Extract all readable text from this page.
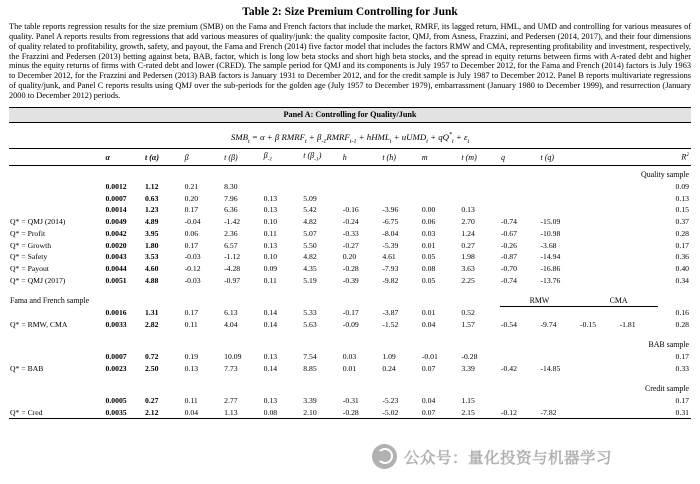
Table 2: Size Premium Controlling for Junk
The table reports regression results for the size premium (SMB) on the Fama and French factors that include the market, RMRF, its lagged return, HML, and UMD and controlling for various measures of quality. Panel A reports results from regressions that add various measures of quality/junk: the quality composite factor, QMJ, from Asness, Frazzini, and Pedersen (2014, 2017), and their four dimensions of quality related to profitability, growth, safety, and payout, the Fama and French (2014) five factor model that includes the factors RMW and CMA, representing profitability and investment, respectively, the Frazzini and Pedersen (2013) betting against beta, BAB, factor, which is long low beta stocks and short high beta stocks, and the spread in equity returns between firms with A-rated debt and higher minus the equity returns of firms with C-rated debt and lower (CRED). The sample period for QMJ and its components is July 1957 to December 2012, for the Fama and French (2014) factors is July 1963 to December 2012, for the Frazzini and Pedersen (2013) BAB factors is January 1931 to December 2012, and for the credit sample is July 1987 to December 2012. Panel B reports multivariate regressions of quality/junk, and Panel C reports results using QMJ over the sub-periods for the golden age (July 1957 to December 1979), embarrassment (January 1980 to December 1999), and resurrection (January 2000 to December 2012) periods.
Panel A: Controlling for Quality/Junk															
$SMB_t = \alpha + \beta$ $RMRF_t$ + $\beta_{-1}RMRF_{t-1}$ + hHML$_t$ + uUMD$_t$ + $qQ^*_t + \varepsilon_t$
	α	t (α)	β	t (β)	$\beta_{-1}$	t $(\beta_{-1})$	h	t (h)	m	t (m)	q	t (q)			$R^2$
Quality sample															
	0.0012	1.12	0.21	8.30											0.09
	0.0007	0.63	0.20	7.96	0.13	5.09									0.13
	0.0014	1.23	0.17	6.36	0.13	5.42	-0.16	-3.96	0.00	0.13					0.15
Q* = QMJ (2014)	0.0049	4.89	-0.04	-1.42	0.10	4.82	-0.24	-6.75	0.06	2.70	-0.74	-15.09			0.37
Q* = Profit	0.0042	3.95	0.06	2.36	0.11	5.07	-0.33	-8.04	0.03	1.24	-0.67	-10.98			0.28
Q* = Growth	0.0020	1.80	0.17	6.57	0.13	5.50	-0.27	-5.39	0.01	0.27	-0.26	-3.68			0.17
Q* = Safety	0.0043	3.53	-0.03	-1.12	0.10	4.82	0.20	4.61	0.05	1.98	-0.87	-14.94			0.36
Q* = Payout	0.0044	4.60	-0.12	-4.28	0.09	4.35	-0.28	-7.93	0.08	3.63	-0.70	-16.86			0.40
Q* = QMJ (2017)	0.0051	4.88	-0.03	-0.97	0.11	5.19	-0.39	-9.82	0.05	2.25	-0.74	-13.76			0.34

Fama and French sample											RMW		CMA		
	0.0016	1.31	0.17	6.13	0.14	5.33	-0.17	-3.87	0.01	0.52					0.16
Q* = RMW, CMA	0.0033	2.82	0.11	4.04	0.14	5.63	-0.09	-1.52	0.04	1.57	-0.54	-9.74	-0.15	-1.81	0.28

BAB sample															
	0.0007	0.72	0.19	10.09	0.13	7.54	0.03	1.09	-0.01	-0.28					0.17
Q* = BAB	0.0023	2.50	0.13	7.73	0.14	8.85	0.01	0.24	0.07	3.39	-0.42	-14.85			0.33

Credit sample															
	0.0005	0.27	0.11	2.77	0.13	3.39	-0.31	-5.23	0.04	1.15					0.17
Q* = Cred	0.0035	2.12	0.04	1.13	0.08	2.10	-0.28	-5.02	0.07	2.15	-0.12	-7.82			0.31
公众号：量化投资与机器学习
